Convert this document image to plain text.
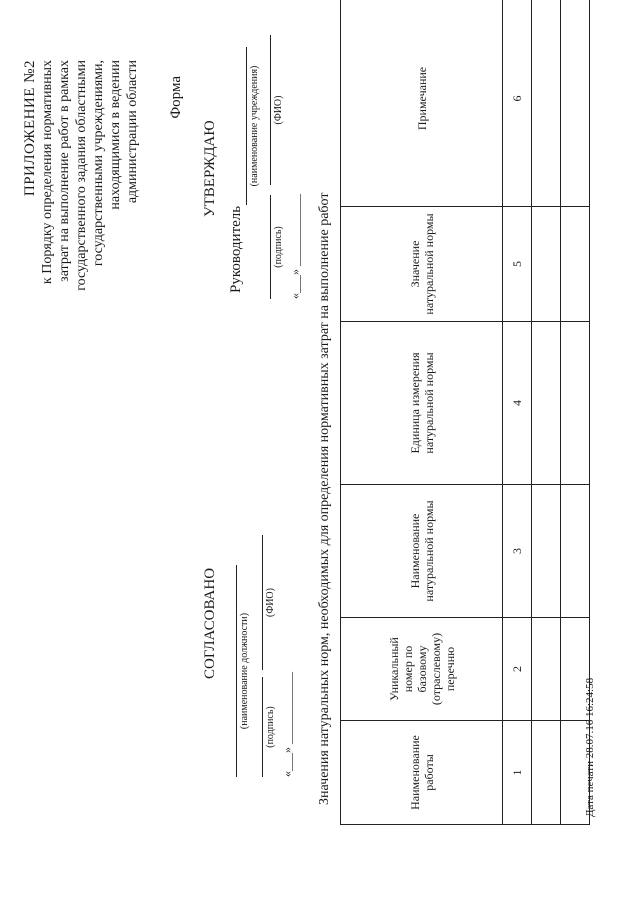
ПРИЛОЖЕНИЕ №2 к Порядку определения нормативных затрат на выполнение работ в рамках государственного задания областными государственными учреждениями, находящимися в ведении администрации области Форма
УТВЕРЖДАЮ
Руководитель
(наименование учреждения)
(подпись)
(ФИО)
«___» ____________
СОГЛАСОВАНО (наименование должности) (подпись)
(ФИО)
«___» ____________ Значения натуральных норм, необходимых для определения нормативных затрат на выполнение работ	Наименование работы	Уникальный номер по базовому (отраслевому) перечню	Наименование натуральной нормы	Единица измерения натуральной нормы	Значение натуральной нормы	Примечание
1	2	3	4	5	6

Дата печати 28.07.16 16:24:58
